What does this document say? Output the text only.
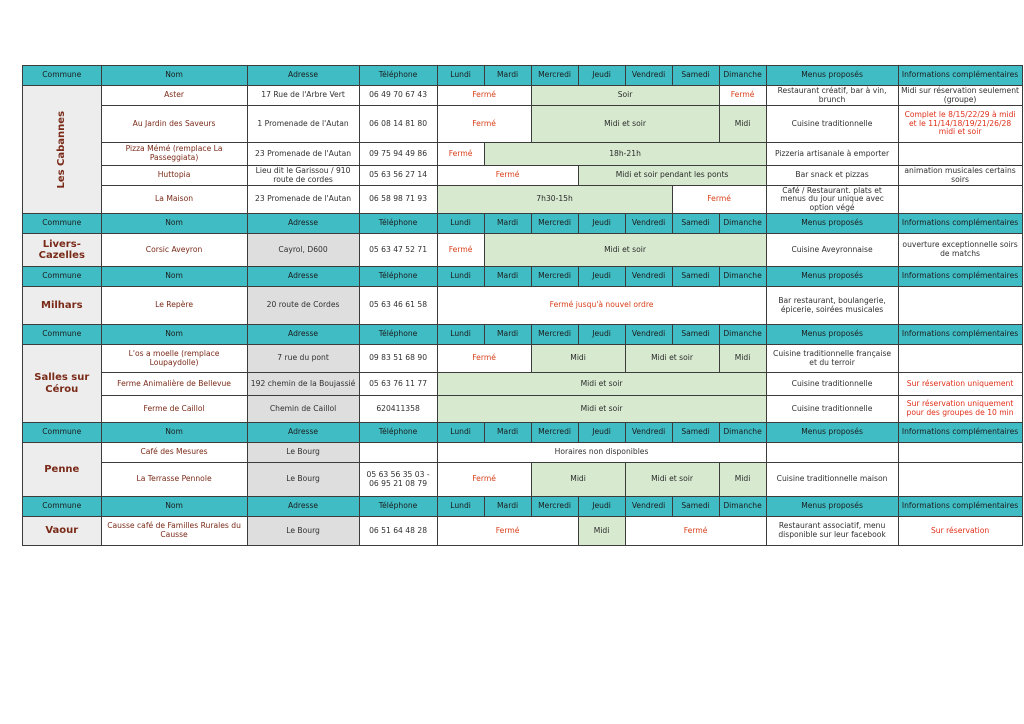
Commune	Nom	Adresse	Téléphone	Lundi	Mardi	Mercredi	Jeudi	Vendredi	Samedi	Dimanche	Menus proposés	Informations complémentaires
Les Cabannes	Aster	17 Rue de l'Arbre Vert	06 49 70 67 43	Fermé		Soir				Fermé	Restaurant créatif, bar à vin, brunch	Midi sur réservation seulement (groupe)
	Au Jardin des Saveurs	1 Promenade de l'Autan	06 08 14 81 80	Fermé		Midi et soir				Midi	Cuisine traditionnelle	Complet le 8/15/22/29 à midi et le 11/14/18/19/21/26/28 midi et soir
	Pizza Mémé (remplace La Passeggiata)	23 Promenade de l'Autan	09 75 94 49 86	Fermé	18h-21h						Pizzeria artisanale à emporter	
	Huttopia	Lieu dit le Garissou / 910 route de cordes	05 63 56 27 14	Fermé			Midi et soir pendant les ponts				Bar snack et pizzas	animation musicales certains soirs
	La Maison	23 Promenade de l'Autan	06 58 98 71 93	7h30-15h					Fermé		Café / Restaurant. plats et menus du jour unique avec option végé	
Commune	Nom	Adresse	Téléphone	Lundi	Mardi	Mercredi	Jeudi	Vendredi	Samedi	Dimanche	Menus proposés	Informations complémentaires
Livers-Cazelles	Corsic Aveyron	Cayrol, D600	05 63 47 52 71	Fermé	Midi et soir						Cuisine Aveyronnaise	ouverture exceptionnelle soirs de matchs
Commune	Nom	Adresse	Téléphone	Lundi	Mardi	Mercredi	Jeudi	Vendredi	Samedi	Dimanche	Menus proposés	Informations complémentaires
Milhars	Le Repère	20 route de Cordes	05 63 46 61 58	Fermé jusqu'à nouvel ordre							Bar restaurant, boulangerie, épicerie, soirées musicales	
Commune	Nom	Adresse	Téléphone	Lundi	Mardi	Mercredi	Jeudi	Vendredi	Samedi	Dimanche	Menus proposés	Informations complémentaires
Salles sur Cérou	L'os a moelle (remplace Loupaydolle)	7 rue du pont	09 83 51 68 90	Fermé		Midi		Midi et soir		Midi	Cuisine traditionnelle française et du terroir	
	Ferme Animalière de Bellevue	192 chemin de la Boujassié	05 63 76 11 77	Midi et soir							Cuisine traditionnelle	Sur réservation uniquement
	Ferme de Caillol	Chemin de Caillol	620411358	Midi et soir							Cuisine traditionnelle	Sur réservation uniquement pour des groupes de 10 min
Commune	Nom	Adresse	Téléphone	Lundi	Mardi	Mercredi	Jeudi	Vendredi	Samedi	Dimanche	Menus proposés	Informations complémentaires
Penne	Café des Mesures	Le Bourg		Horaires non disponibles								
	La Terrasse Pennole	Le Bourg	05 63 56 35 03 - 06 95 21 08 79	Fermé		Midi		Midi et soir		Midi	Cuisine traditionnelle maison	
Commune	Nom	Adresse	Téléphone	Lundi	Mardi	Mercredi	Jeudi	Vendredi	Samedi	Dimanche	Menus proposés	Informations complémentaires
Vaour	Causse café de Familles Rurales du Causse	Le Bourg	06 51 64 48 28	Fermé			Midi	Fermé			Restaurant associatif, menu disponible sur leur facebook	Sur réservation
